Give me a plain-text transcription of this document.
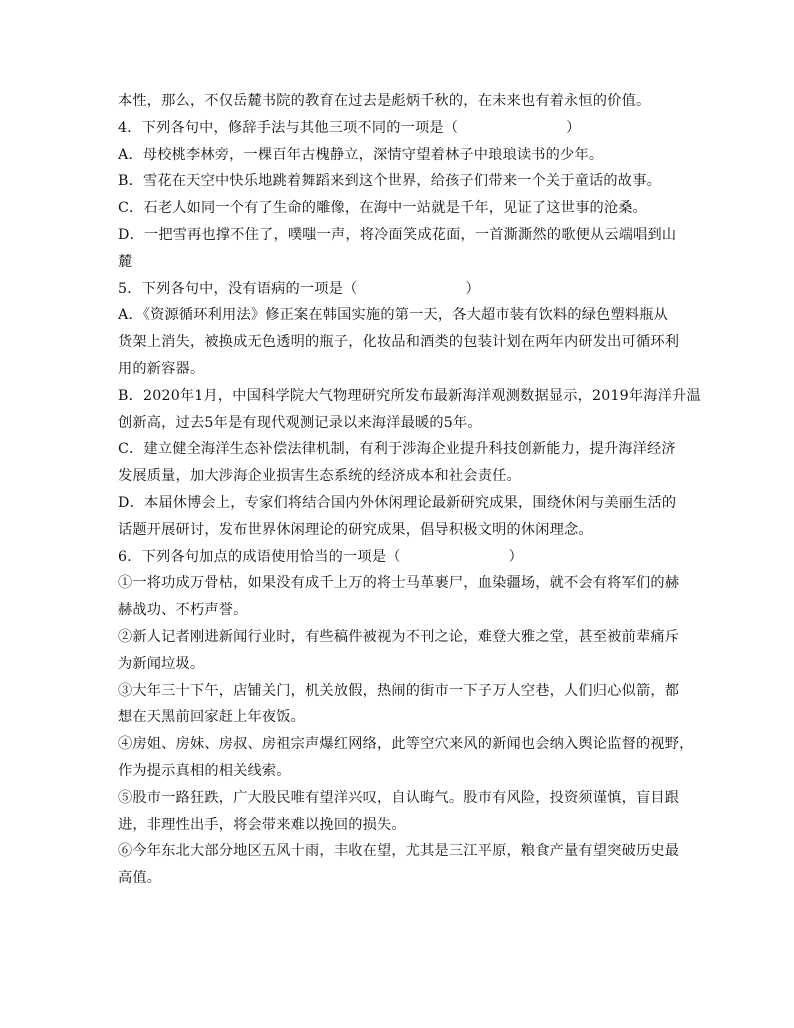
本性，那么，不仅岳麓书院的教育在过去是彪炳千秋的，在未来也有着永恒的价值。
4．下列各句中，修辞手法与其他三项不同的一项是（	）
A．母校桃李林旁，一棵百年古槐静立，深情守望着林子中琅琅读书的少年。
B．雪花在天空中快乐地跳着舞蹈来到这个世界，给孩子们带来一个关于童话的故事。
C．石老人如同一个有了生命的雕像，在海中一站就是千年，见证了这世事的沧桑。
D．一把雪再也撑不住了，噗嗤一声，将冷面笑成花面，一首澌澌然的歌便从云端唱到山
麓
5．下列各句中，没有语病的一项是（	）
A．《资源循环利用法》修正案在韩国实施的第一天，各大超市装有饮料的绿色塑料瓶从
货架上消失，被换成无色透明的瓶子，化妆品和酒类的包装计划在两年内研发出可循环利
用的新容器。
B．2020年1月，中国科学院大气物理研究所发布最新海洋观测数据显示，2019年海洋升温
创新高，过去5年是有现代观测记录以来海洋最暖的5年。
C．建立健全海洋生态补偿法律机制，有利于涉海企业提升科技创新能力，提升海洋经济
发展质量，加大涉海企业损害生态系统的经济成本和社会责任。
D．本届休博会上，专家们将结合国内外休闲理论最新研究成果，围绕休闲与美丽生活的
话题开展研讨，发布世界休闲理论的研究成果，倡导积极文明的休闲理念。
6．下列各句加点的成语使用恰当的一项是（	）
①一将功成万骨枯，如果没有成千上万的将士马革裹尸，血染疆场，就不会有将军们的赫
赫战功、不朽声誉。
②新人记者刚进新闻行业时，有些稿件被视为不刊之论，难登大雅之堂，甚至被前辈痛斥
为新闻垃圾。
③大年三十下午，店铺关门，机关放假，热闹的街市一下子万人空巷，人们归心似箭，都
想在天黑前回家赶上年夜饭。
④房姐、房妹、房叔、房祖宗声爆红网络，此等空穴来风的新闻也会纳入舆论监督的视野，
作为提示真相的相关线索。
⑤股市一路狂跌，广大股民唯有望洋兴叹，自认晦气。股市有风险，投资须谨慎，盲目跟
进，非理性出手，将会带来难以挽回的损失。
⑥今年东北大部分地区五风十雨，丰收在望，尤其是三江平原，粮食产量有望突破历史最
高值。
